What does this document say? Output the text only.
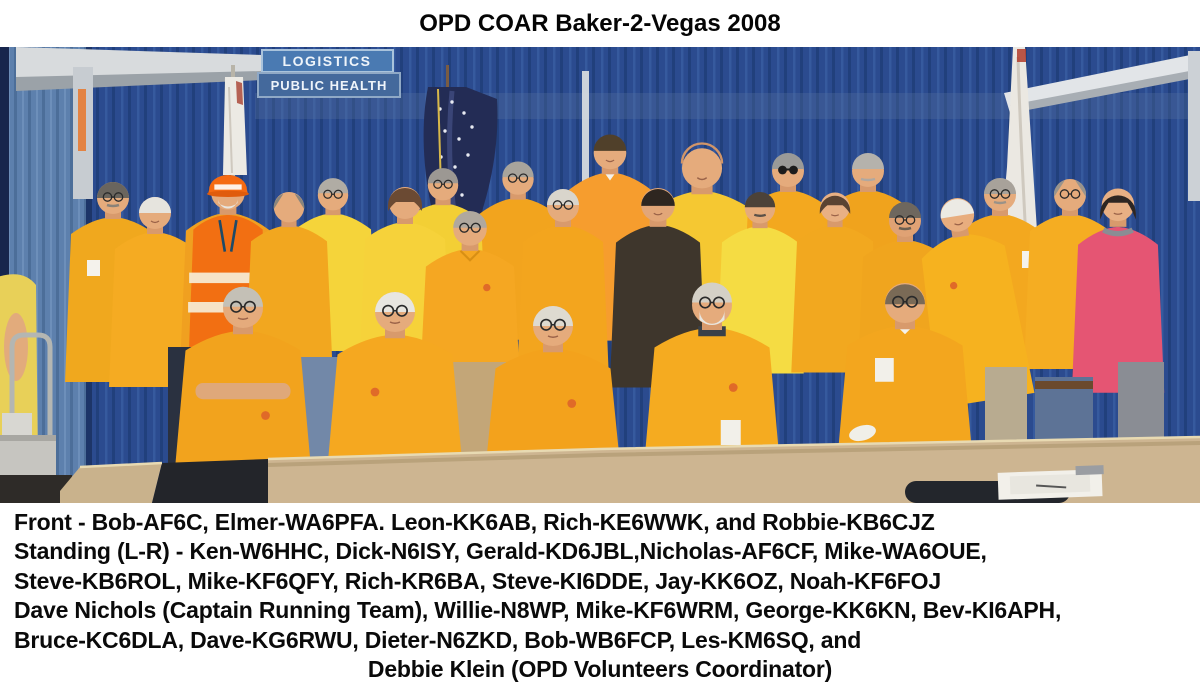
OPD COAR Baker-2-Vegas 2008
LOGISTICS
PUBLIC HEALTH
Front - Bob-AF6C, Elmer-WA6PFA. Leon-KK6AB, Rich-KE6WWK, and Robbie-KB6CJZ
Standing (L-R) - Ken-W6HHC, Dick-N6ISY, Gerald-KD6JBL,Nicholas-AF6CF, Mike-WA6OUE,
Steve-KB6ROL, Mike-KF6QFY, Rich-KR6BA, Steve-KI6DDE, Jay-KK6OZ, Noah-KF6FOJ
Dave Nichols (Captain Running Team), Willie-N8WP, Mike-KF6WRM, George-KK6KN, Bev-KI6APH,
Bruce-KC6DLA, Dave-KG6RWU, Dieter-N6ZKD, Bob-WB6FCP, Les-KM6SQ, and
Debbie Klein (OPD Volunteers Coordinator)
